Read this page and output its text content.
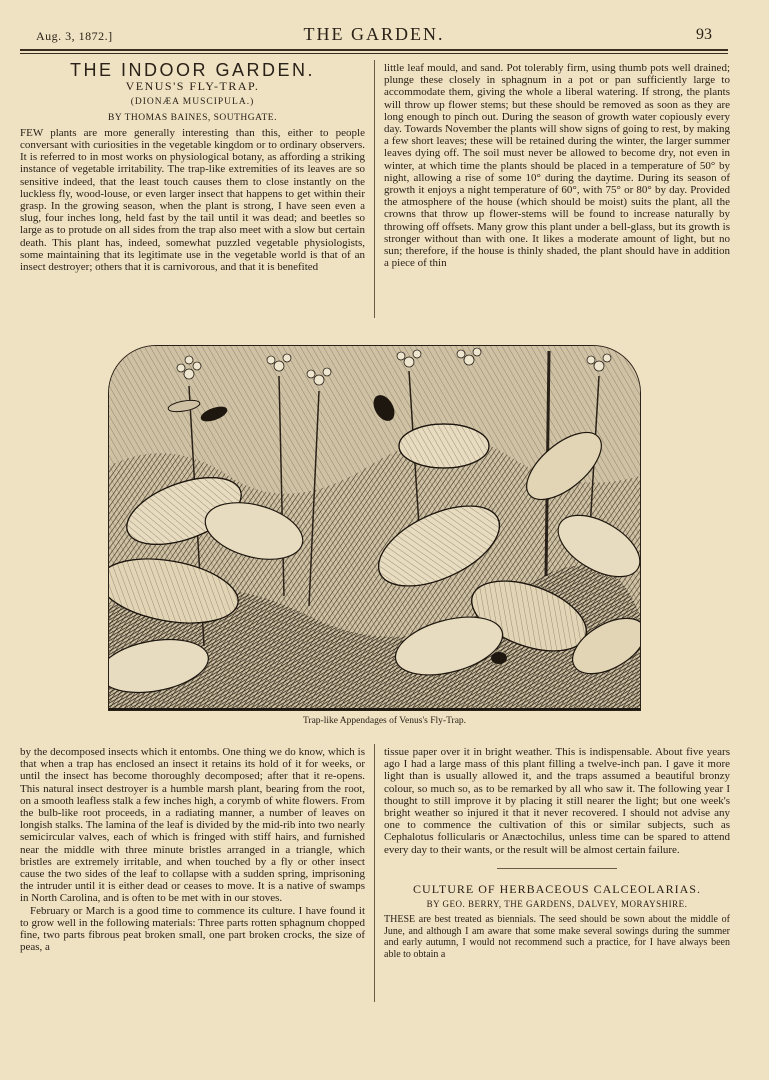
Aug. 3, 1872.]	THE GARDEN.	93
THE INDOOR GARDEN.
VENUS'S FLY-TRAP.
(DIONÆA MUSCIPULA.)
BY THOMAS BAINES, SOUTHGATE.

FEW plants are more generally interesting than this, either to people conversant with curiosities in the vegetable kingdom or to ordinary observers. It is referred to in most works on physiological botany, as affording a striking instance of vegetable irritability. The trap-like extremities of its leaves are so sensitive indeed, that the least touch causes them to close instantly on the luckless fly, wood-louse, or even larger insect that happens to get within their grasp. In the growing season, when the plant is strong, I have seen even a slug, four inches long, held fast by the tail until it was dead; and beetles so large as to protude on all sides from the trap also meet with a slow but certain death. This plant has, indeed, somewhat puzzled vegetable physiologists, some maintaining that its legitimate use in the vegetable world is that of an insect destroyer; others that it is carnivorous, and that it is benefited

little leaf mould, and sand. Pot tolerably firm, using thumb pots well drained; plunge these closely in sphagnum in a pot or pan sufficiently large to accommodate them, giving the whole a liberal watering. If strong, the plants will throw up flower stems; but these should be removed as soon as they are long enough to pinch out. During the season of growth water copiously every day. Towards November the plants will show signs of going to rest, by making a few short leaves; these will be retained during the winter, the larger summer leaves dying off. The soil must never be allowed to become dry, not even in winter, at which time the plants should be placed in a temperature of 50° by night, allowing a rise of some 10° during the daytime. During its season of growth it enjoys a night temperature of 60°, with 75° or 80° by day. Provided the atmosphere of the house (which should be moist) suits the plant, all the crowns that throw up flower-stems will be found to increase naturally by throwing off offsets. Many grow this plant under a bell-glass, but its growth is stronger without than with one. It likes a moderate amount of light, but no sun; therefore, if the house is thinly shaded, the plant should have in addition a piece of thin

Trap-like Appendages of Venus's Fly-Trap.

by the decomposed insects which it entombs. One thing we do know, which is that when a trap has enclosed an insect it retains its hold of it for weeks, or until the insect has become thoroughly decomposed; after that it re-opens. This natural insect destroyer is a humble marsh plant, bearing from the root, on a smooth leafless stalk a few inches high, a corymb of white flowers. From the bulb-like root proceeds, in a radiating manner, a number of leaves on longish stalks. The lamina of the leaf is divided by the mid-rib into two nearly semicircular valves, each of which is fringed with stiff hairs, and furnished near the middle with three minute bristles arranged in a triangle, which bristles are extremely irritable, and when touched by a fly or other insect cause the two sides of the leaf to collapse with a sudden spring, imprisoning the intruder until it is either dead or ceases to move. It is a native of swamps in North Carolina, and is often to be met with in our stoves.

February or March is a good time to commence its culture. I have found it to grow well in the following materials: Three parts rotten sphagnum chopped fine, two parts fibrous peat broken small, one part broken crocks, the size of peas, a

tissue paper over it in bright weather. This is indispensable. About five years ago I had a large mass of this plant filling a twelve-inch pan. I gave it more light than is usually allowed it, and the traps assumed a beautiful bronzy colour, so much so, as to be remarked by all who saw it. The following year I thought to still improve it by placing it still nearer the light; but one week's bright weather so injured it that it never recovered. I should not advise any one to commence the cultivation of this or similar subjects, such as Cephalotus follicularis or Anæctochilus, unless time can be spared to attend every day to their wants, or the result will be almost certain failure.

CULTURE OF HERBACEOUS CALCEOLARIAS.
BY GEO. BERRY, THE GARDENS, DALVEY, MORAYSHIRE.

THESE are best treated as biennials. The seed should be sown about the middle of June, and although I am aware that some make several sowings during the summer and early autumn, I would not recommend such a practice, for I have always been able to obtain a
